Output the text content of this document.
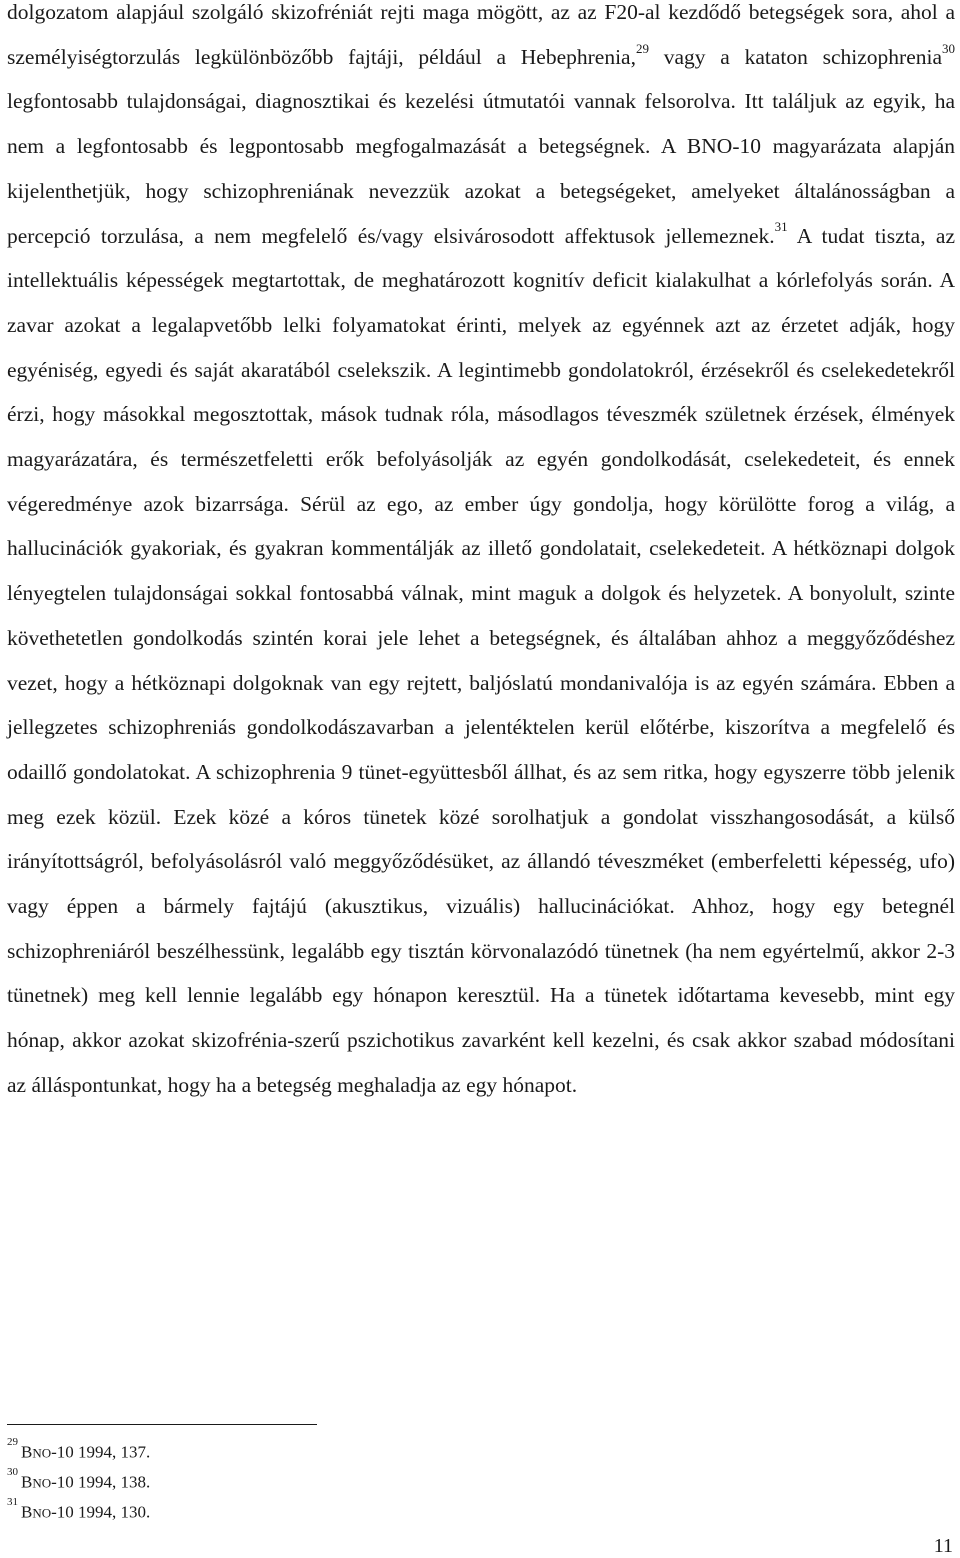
dolgozatom alapjául szolgáló skizofréniát rejti maga mögött, az az F20-al kezdődő betegségek sora, ahol a személyiségtorzulás legkülönbözőbb fajtáji, például a Hebephrenia,$^{29}$ vagy a kataton schizophrenia$^{30}$ legfontosabb tulajdonságai, diagnosztikai és kezelési útmutatói vannak felsorolva. Itt találjuk az egyik, ha nem a legfontosabb és legpontosabb megfogalmazását a betegségnek. A BNO-10 magyarázata alapján kijelenthetjük, hogy schizophreniának nevezzük azokat a betegségeket, amelyeket általánosságban a percepció torzulása, a nem megfelelő és/vagy elsivárosodott affektusok jellemeznek.$^{31}$ A tudat tiszta, az intellektuális képességek megtartottak, de meghatározott kognitív deficit kialakulhat a kórlefolyás során. A zavar azokat a legalapvetőbb lelki folyamatokat érinti, melyek az egyénnek azt az érzetet adják, hogy egyéniség, egyedi és saját akaratából cselekszik. A legintimebb gondolatokról, érzésekről és cselekedetekről érzi, hogy másokkal megosztottak, mások tudnak róla, másodlagos téveszmék születnek érzések, élmények magyarázatára, és természetfeletti erők befolyásolják az egyén gondolkodását, cselekedeteit, és ennek végeredménye azok bizarrsága. Sérül az ego, az ember úgy gondolja, hogy körülötte forog a világ, a hallucinációk gyakoriak, és gyakran kommentálják az illető gondolatait, cselekedeteit. A hétköznapi dolgok lényegtelen tulajdonságai sokkal fontosabbá válnak, mint maguk a dolgok és helyzetek. A bonyolult, szinte követhetetlen gondolkodás szintén korai jele lehet a betegségnek, és általában ahhoz a meggyőződéshez vezet, hogy a hétköznapi dolgoknak van egy rejtett, baljóslatú mondanivalója is az egyén számára. Ebben a jellegzetes schizophreniás gondolkodászavarban a jelentéktelen kerül előtérbe, kiszorítva a megfelelő és odaillő gondolatokat. A schizophrenia 9 tünet-együttesből állhat, és az sem ritka, hogy egyszerre több jelenik meg ezek közül. Ezek közé a kóros tünetek közé sorolhatjuk a gondolat visszhangosodását, a külső irányítottságról, befolyásolásról való meggyőződésüket, az állandó téveszméket (emberfeletti képesség, ufo) vagy éppen a bármely fajtájú (akusztikus, vizuális) hallucinációkat. Ahhoz, hogy egy betegnél schizophreniáról beszélhessünk, legalább egy tisztán körvonalazódó tünetnek (ha nem egyértelmű, akkor 2-3 tünetnek) meg kell lennie legalább egy hónapon keresztül. Ha a tünetek időtartama kevesebb, mint egy hónap, akkor azokat skizofrénia-szerű pszichotikus zavarként kell kezelni, és csak akkor szabad módosítani az álláspontunkat, hogy ha a betegség meghaladja az egy hónapot.

$^{29}$BNO-10 1994, 137.
$^{30}$BNO-10 1994, 138.
$^{31}$BNO-10 1994, 130.
11
